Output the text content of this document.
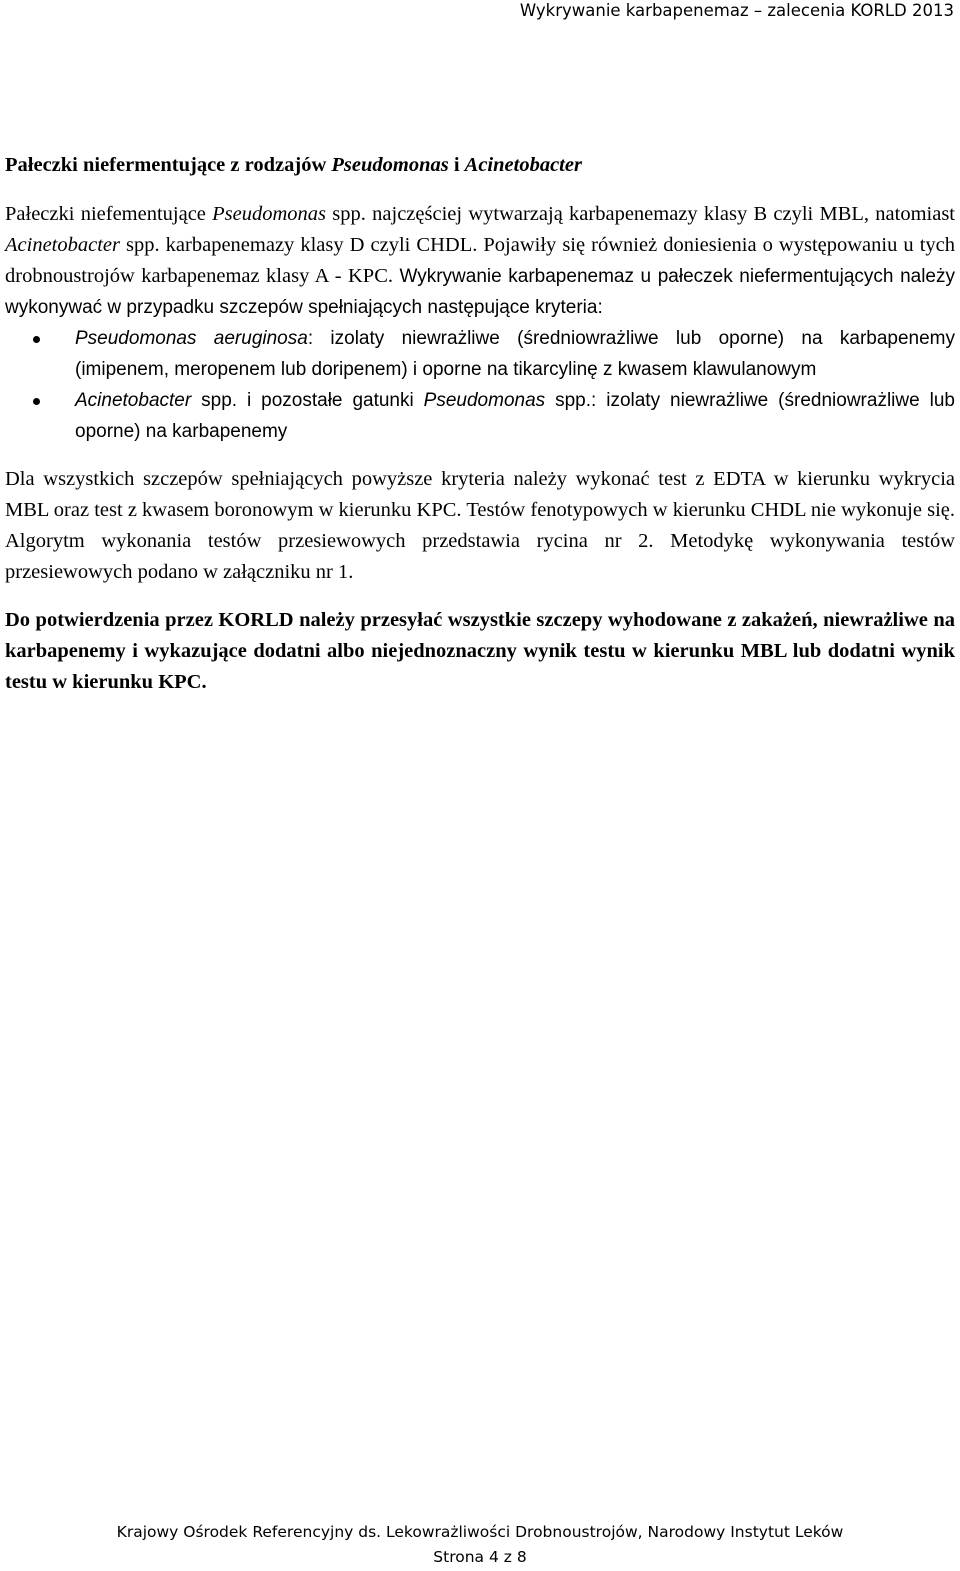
Wykrywanie karbapenemaz – zalecenia KORLD 2013

Pałeczki niefermentujące z rodzajów Pseudomonas i Acinetobacter

Pałeczki niefementujące Pseudomonas spp. najczęściej wytwarzają karbapenemazy klasy B czyli MBL, natomiast Acinetobacter spp. karbapenemazy klasy D czyli CHDL. Pojawiły się również doniesienia o występowaniu u tych drobnoustrojów karbapenemaz klasy A - KPC. Wykrywanie karbapenemaz u pałeczek niefermentujących należy wykonywać w przypadku szczepów spełniających następujące kryteria:

Pseudomonas aeruginosa: izolaty niewrażliwe (średniowrażliwe lub oporne) na karbapenemy (imipenem, meropenem lub doripenem) i oporne na tikarcylinę z kwasem klawulanowym
Acinetobacter spp. i pozostałe gatunki Pseudomonas spp.: izolaty niewrażliwe (średniowrażliwe lub oporne) na karbapenemy

Dla wszystkich szczepów spełniających powyższe kryteria należy wykonać test z EDTA w kierunku wykrycia MBL oraz test z kwasem boronowym w kierunku KPC. Testów fenotypowych w kierunku CHDL nie wykonuje się. Algorytm wykonania testów przesiewowych przedstawia rycina nr 2. Metodykę wykonywania testów przesiewowych podano w załączniku nr 1.

Do potwierdzenia przez KORLD należy przesyłać wszystkie szczepy wyhodowane z zakażeń, niewrażliwe na karbapenemy i wykazujące dodatni albo niejednoznaczny wynik testu w kierunku MBL lub dodatni wynik testu w kierunku KPC.

Krajowy Ośrodek Referencyjny ds. Lekowrażliwości Drobnoustrojów, Narodowy Instytut Leków
Strona 4 z 8
